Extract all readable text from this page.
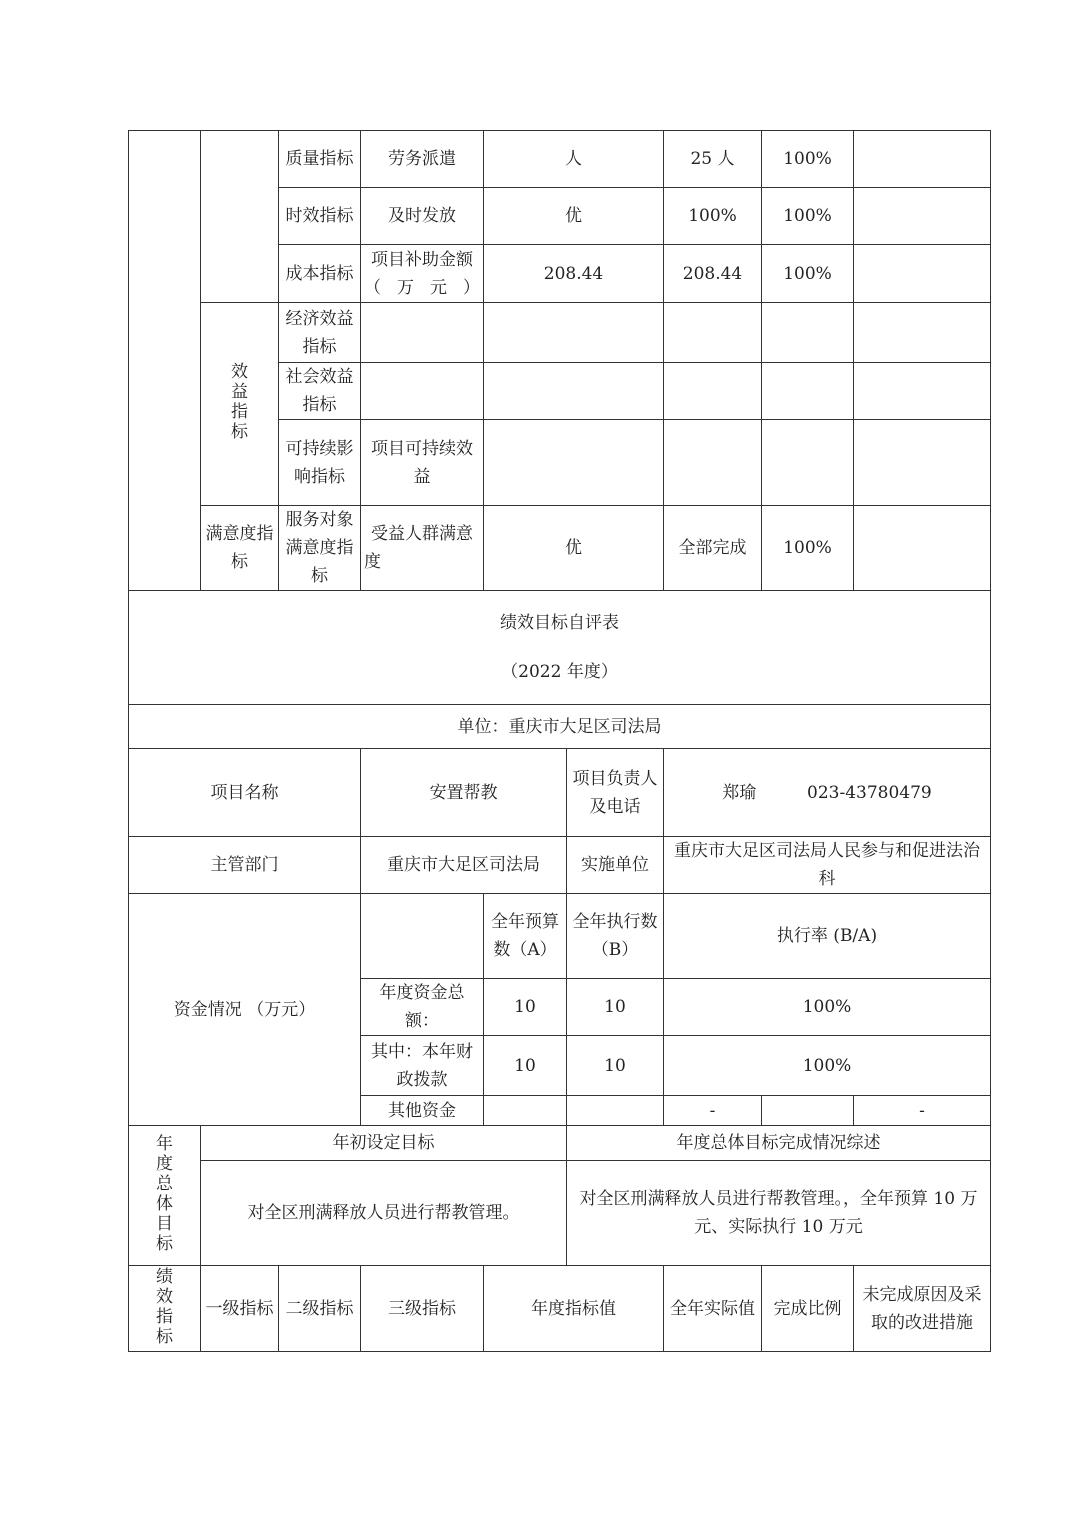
		质量指标	劳务派遣	人		25 人	100%	
		时效指标	及时发放	优		100%	100%	
		成本指标	项目补助金额（万元）	208.44		208.44	100%	
	效益指标	经济效益指标						
		社会效益指标						
		可持续影响指标	项目可持续效益					
	满意度指标	服务对象满意度指标	受益人群满意度	优		全部完成	100%	

绩效目标自评表
（2022 年度）								

单位：重庆市大足区司法局								
项目名称			安置帮教		项目负责人及电话	郑瑜 023-43780479		
主管部门			重庆市大足区司法局		实施单位	重庆市大足区司法局人民参与和促进法治科		
资金情况 （万元）				全年预算数（A）	全年执行数（B）	执行率 (B/A)		
			年度资金总额：	10	10	100%		
			其中：本年财政拨款	10	10	100%		
			其他资金			-		-
年度总体目标	年初设定目标				年度总体目标完成情况综述			
	对全区刑满释放人员进行帮教管理。				对全区刑满释放人员进行帮教管理。，全年预算 10 万元、实际执行 10 万元			
绩效指标	一级指标	二级指标	三级指标	年度指标值		全年实际值	完成比例	未完成原因及采取的改进措施
